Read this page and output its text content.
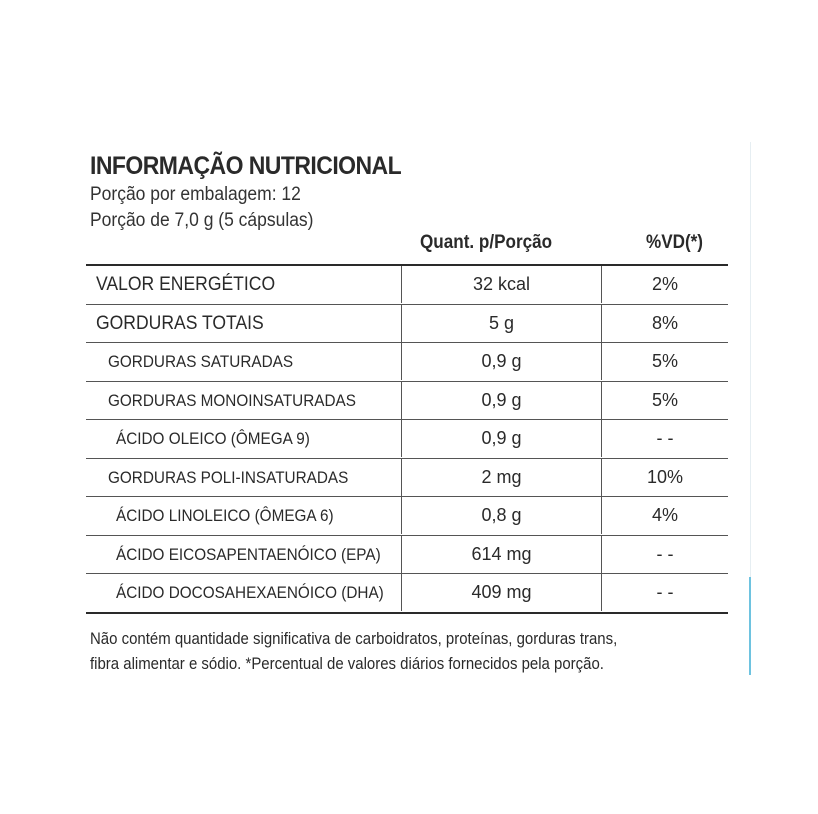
INFORMAÇÃO NUTRICIONAL
Porção por embalagem: 12
Porção de 7,0 g (5 cápsulas)
Quant. p/Porção	%VD(*)
VALOR ENERGÉTICO	32 kcal	2%
GORDURAS TOTAIS	5 g	8%
GORDURAS SATURADAS	0,9 g	5%
GORDURAS MONOINSATURADAS	0,9 g	5%
ÁCIDO OLEICO (ÔMEGA 9)	0,9 g	- -
GORDURAS POLI-INSATURADAS	2 mg	10%
ÁCIDO LINOLEICO (ÔMEGA 6)	0,8 g	4%
ÁCIDO EICOSAPENTAENÓICO (EPA)	614 mg	- -
ÁCIDO DOCOSAHEXAENÓICO (DHA)	409 mg	- -
Não contém quantidade significativa de carboidratos, proteínas, gorduras trans,
fibra alimentar e sódio. *Percentual de valores diários fornecidos pela porção.
